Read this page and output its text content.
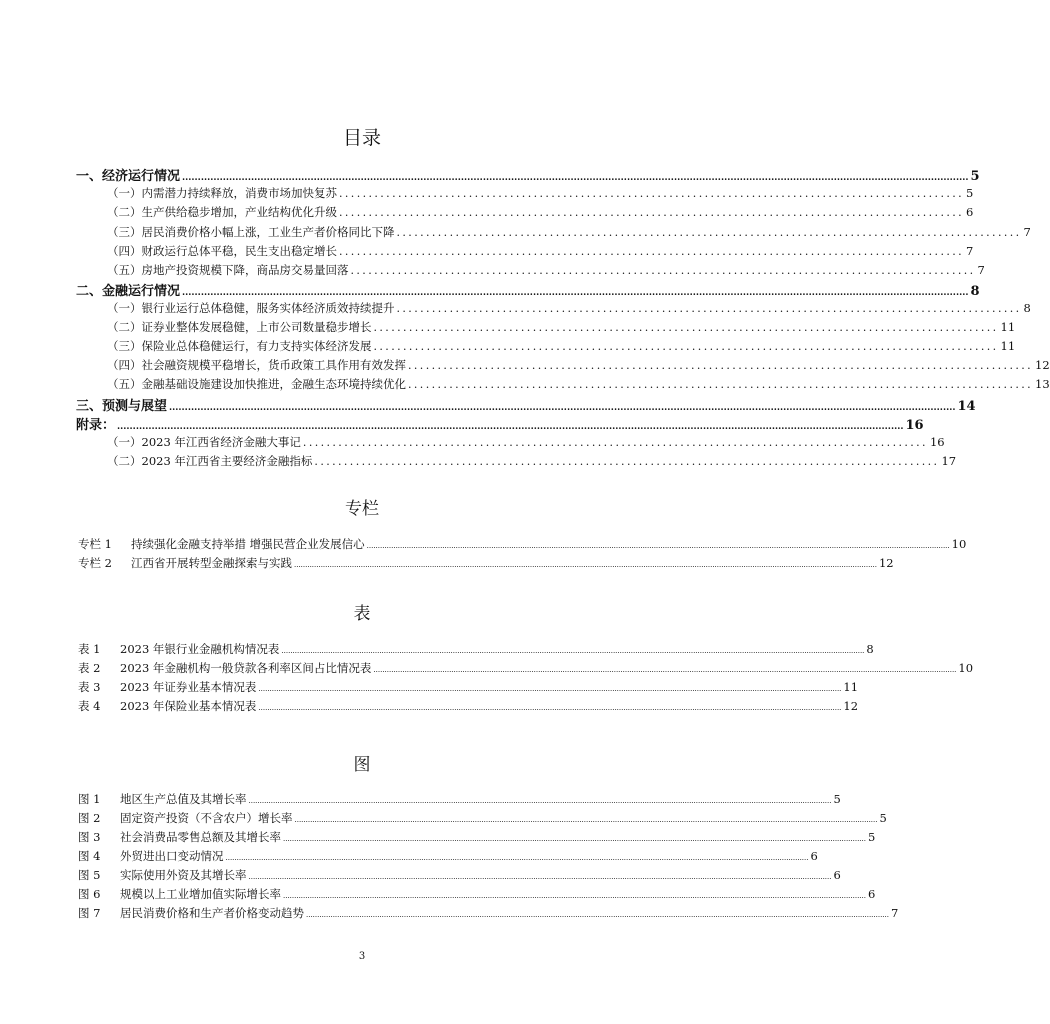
目录
一、经济运行情况 ........................................................................................................................................................................................................................................................... 5
（一）内需潜力持续释放，消费市场加快复苏 .......................................................................................................... 5
（二）生产供给稳步增加，产业结构优化升级 .......................................................................................................... 6
（三）居民消费价格小幅上涨，工业生产者价格同比下降 .......................................................................................................... 7
（四）财政运行总体平稳，民生支出稳定增长 .......................................................................................................... 7
（五）房地产投资规模下降，商品房交易量回落 .......................................................................................................... 7
二、金融运行情况 ........................................................................................................................................................................................................................................................... 8
（一）银行业运行总体稳健，服务实体经济质效持续提升 .......................................................................................................... 8
（二）证券业整体发展稳健，上市公司数量稳步增长 .......................................................................................................... 11
（三）保险业总体稳健运行，有力支持实体经济发展 .......................................................................................................... 11
（四）社会融资规模平稳增长，货币政策工具作用有效发挥 .......................................................................................................... 12
（五）金融基础设施建设加快推进，金融生态环境持续优化 .......................................................................................................... 13
三、预测与展望 ........................................................................................................................................................................................................................................................... 14
附录： ........................................................................................................................................................................................................................................................... 16
（一）2023 年江西省经济金融大事记 .......................................................................................................... 16
（二）2023 年江西省主要经济金融指标 .......................................................................................................... 17
专栏
专栏 1	持续强化金融支持举措 增强民营企业发展信心 ...................................................................................................................................................................................................................................................................... 10
专栏 2	江西省开展转型金融探索与实践 ...................................................................................................................................................................................................................................................................... 12
表
表 1	2023 年银行业金融机构情况表 ...................................................................................................................................................................................................................................................................... 8
表 2	2023 年金融机构一般贷款各利率区间占比情况表 ...................................................................................................................................................................................................................................................................... 10
表 3	2023 年证券业基本情况表 ...................................................................................................................................................................................................................................................................... 11
表 4	2023 年保险业基本情况表 ...................................................................................................................................................................................................................................................................... 12
图
图 1	地区生产总值及其增长率 ...................................................................................................................................................................................................................................................................... 5
图 2	固定资产投资（不含农户）增长率 ...................................................................................................................................................................................................................................................................... 5
图 3	社会消费品零售总额及其增长率 ...................................................................................................................................................................................................................................................................... 5
图 4	外贸进出口变动情况 ...................................................................................................................................................................................................................................................................... 6
图 5	实际使用外资及其增长率 ...................................................................................................................................................................................................................................................................... 6
图 6	规模以上工业增加值实际增长率 ...................................................................................................................................................................................................................................................................... 6
图 7	居民消费价格和生产者价格变动趋势 ...................................................................................................................................................................................................................................................................... 7
3
